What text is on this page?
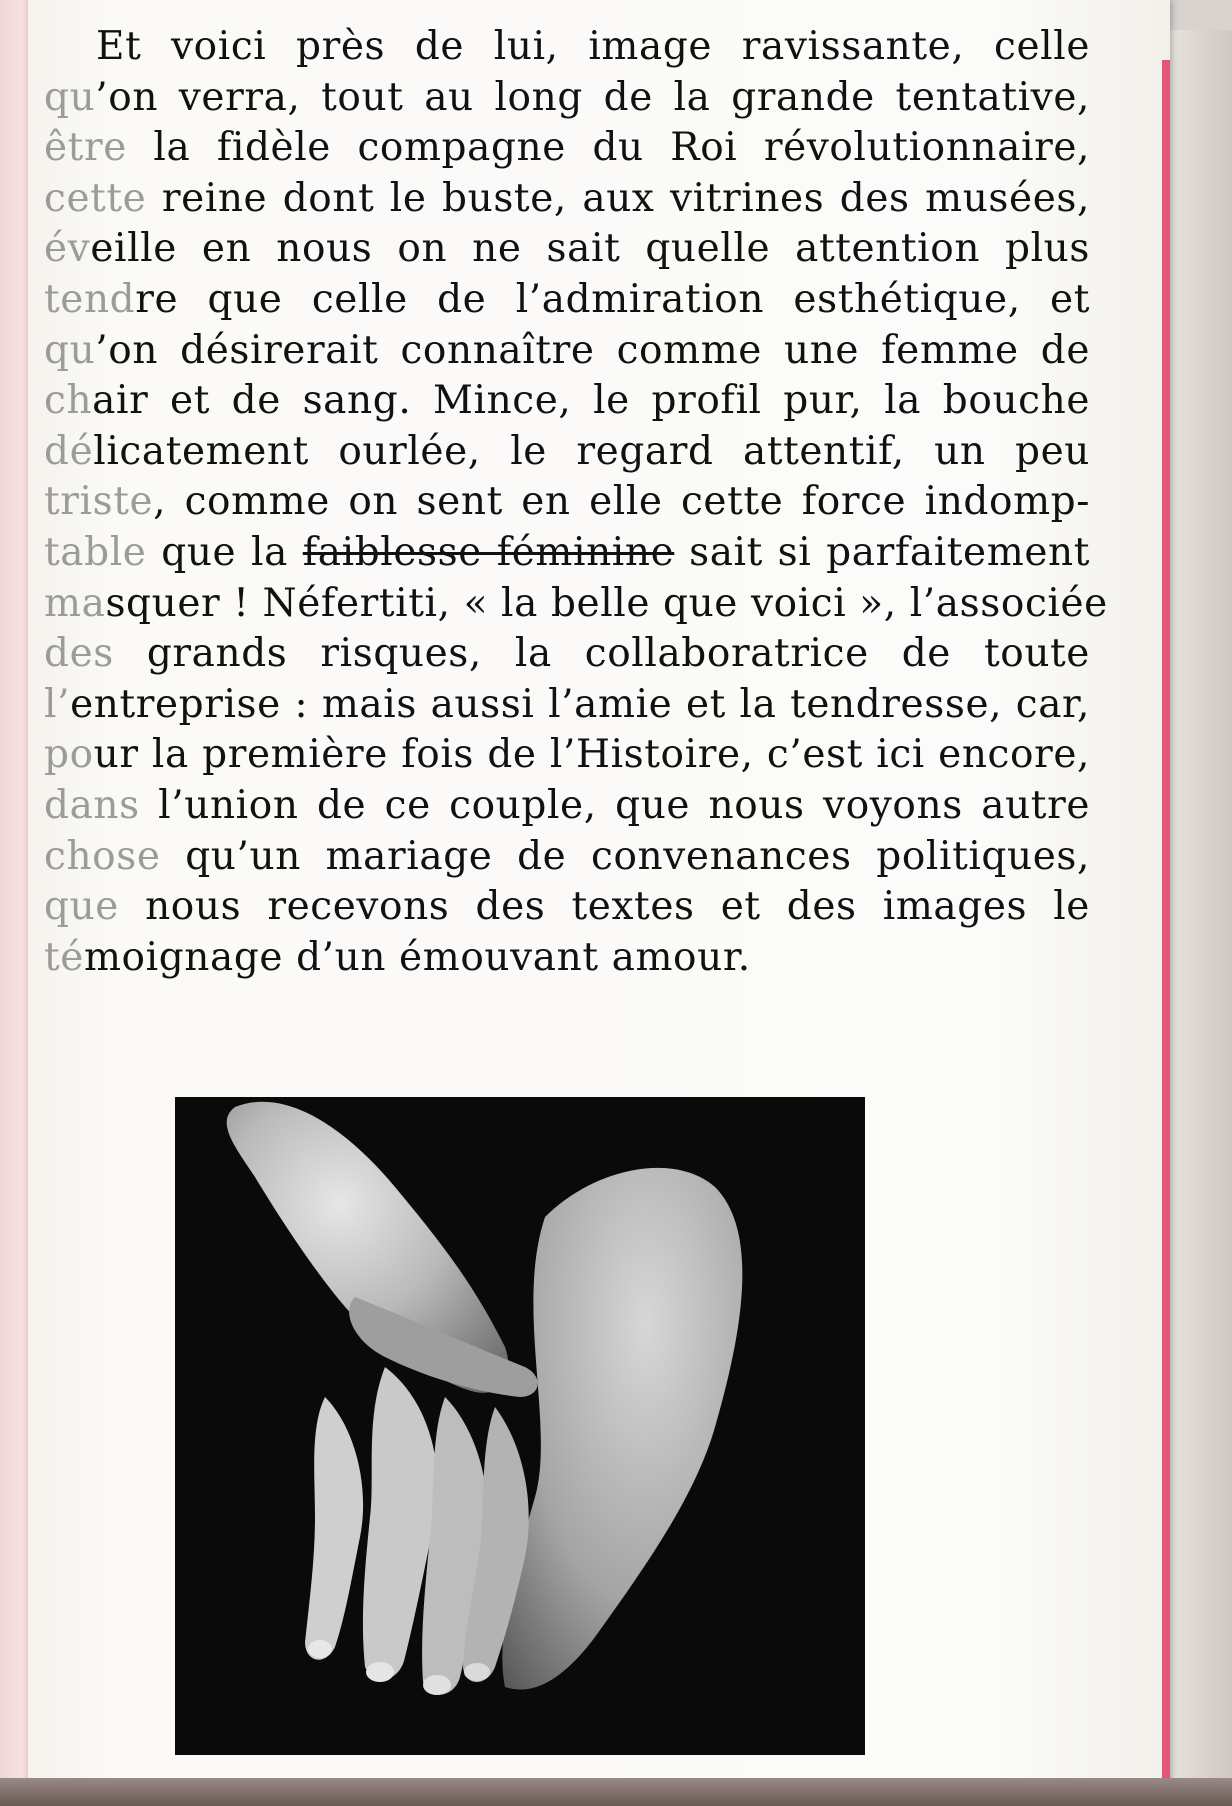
Et voici près de lui, image ravissante, celle
qu’on verra, tout au long de la grande tentative,
être la fidèle compagne du Roi révolutionnaire,
cette reine dont le buste, aux vitrines des musées,
éveille en nous on ne sait quelle attention plus
tendre que celle de l’admiration esthétique, et
qu’on désirerait connaître comme une femme de
chair et de sang. Mince, le profil pur, la bouche
délicatement ourlée, le regard attentif, un peu
triste, comme on sent en elle cette force indomp-
table que la faiblesse féminine sait si parfaitement
masquer ! Néfertiti, « la belle que voici », l’associée
des grands risques, la collaboratrice de toute
l’entreprise : mais aussi l’amie et la tendresse, car,
pour la première fois de l’Histoire, c’est ici encore,
dans l’union de ce couple, que nous voyons autre
chose qu’un mariage de convenances politiques,
que nous recevons des textes et des images le
témoignage d’un émouvant amour.
